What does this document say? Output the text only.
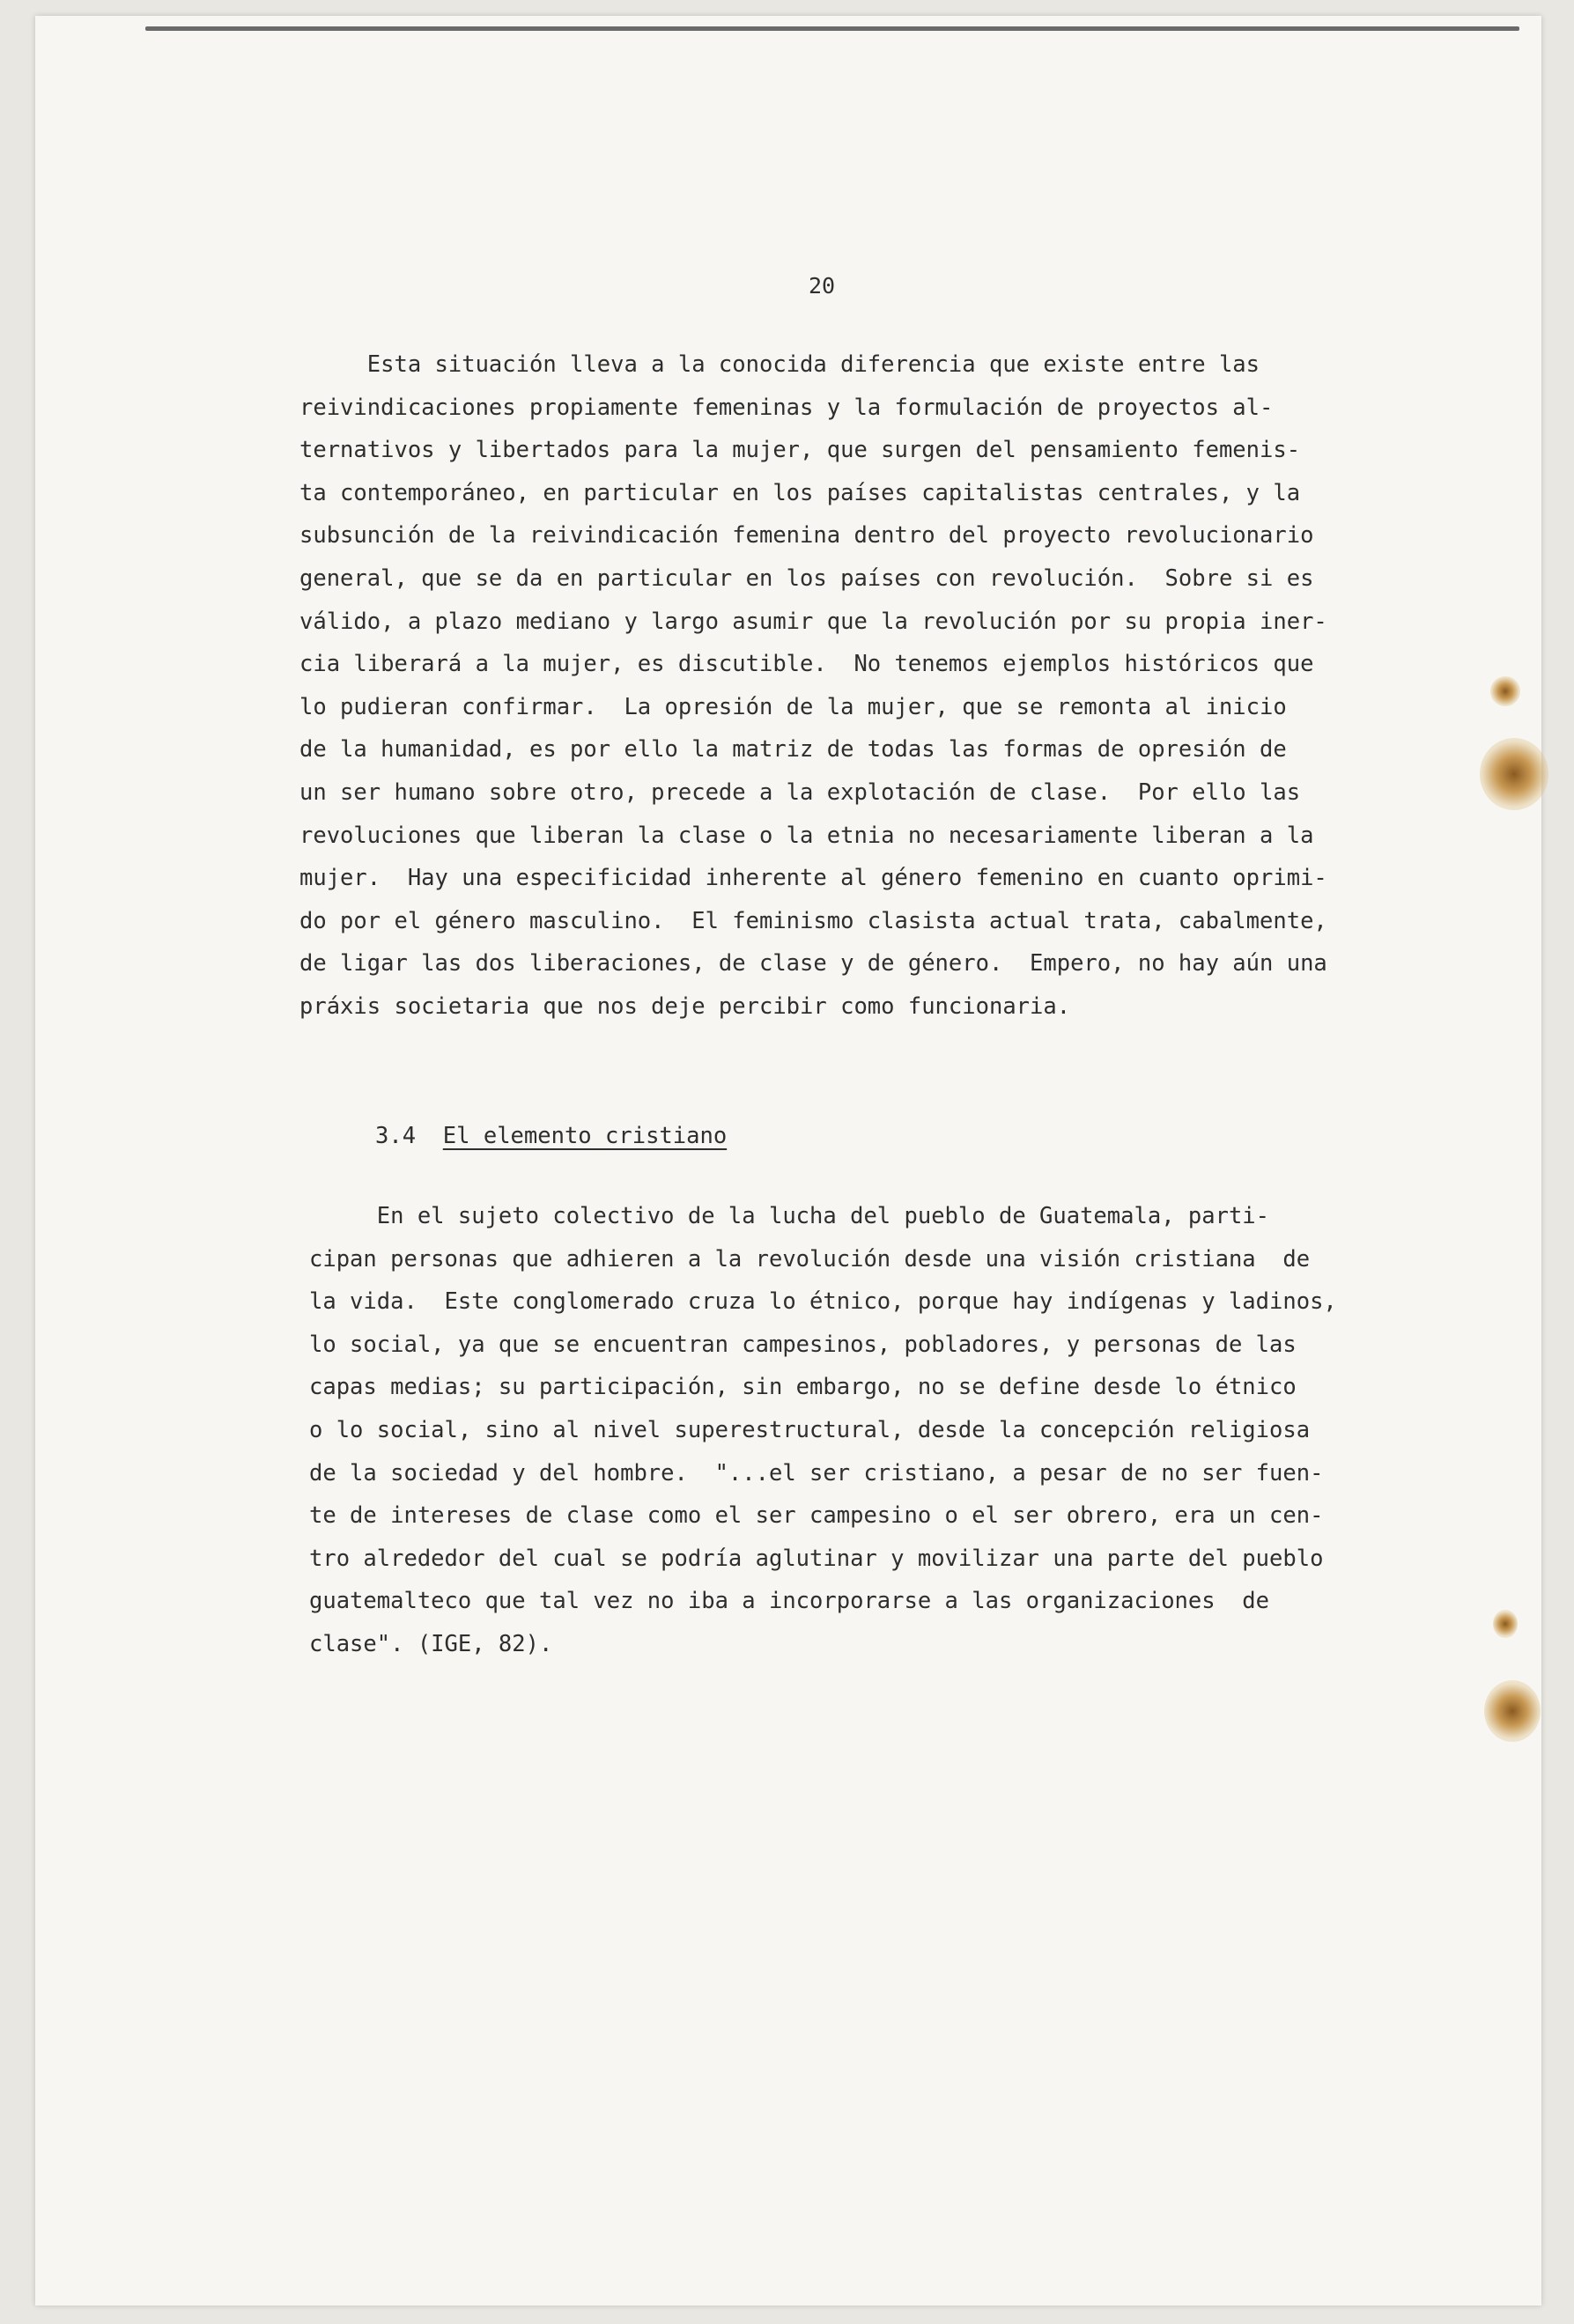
20
Esta situación lleva a la conocida diferencia que existe entre las
reivindicaciones propiamente femeninas y la formulación de proyectos al-
ternativos y libertados para la mujer, que surgen del pensamiento femenis-
ta contemporáneo, en particular en los países capitalistas centrales, y la
subsunción de la reivindicación femenina dentro del proyecto revolucionario
general, que se da en particular en los países con revolución.  Sobre si es
válido, a plazo mediano y largo asumir que la revolución por su propia iner-
cia liberará a la mujer, es discutible.  No tenemos ejemplos históricos que
lo pudieran confirmar.  La opresión de la mujer, que se remonta al inicio
de la humanidad, es por ello la matriz de todas las formas de opresión de
un ser humano sobre otro, precede a la explotación de clase.  Por ello las
revoluciones que liberan la clase o la etnia no necesariamente liberan a la
mujer.  Hay una especificidad inherente al género femenino en cuanto oprimi-
do por el género masculino.  El feminismo clasista actual trata, cabalmente,
de ligar las dos liberaciones, de clase y de género.  Empero, no hay aún una
práxis societaria que nos deje percibir como funcionaria.
3.4 El elemento cristiano
En el sujeto colectivo de la lucha del pueblo de Guatemala, parti-
cipan personas que adhieren a la revolución desde una visión cristiana  de
la vida.  Este conglomerado cruza lo étnico, porque hay indígenas y ladinos,
lo social, ya que se encuentran campesinos, pobladores, y personas de las
capas medias; su participación, sin embargo, no se define desde lo étnico
o lo social, sino al nivel superestructural, desde la concepción religiosa
de la sociedad y del hombre.  "...el ser cristiano, a pesar de no ser fuen-
te de intereses de clase como el ser campesino o el ser obrero, era un cen-
tro alrededor del cual se podría aglutinar y movilizar una parte del pueblo
guatemalteco que tal vez no iba a incorporarse a las organizaciones  de
clase". (IGE, 82).
